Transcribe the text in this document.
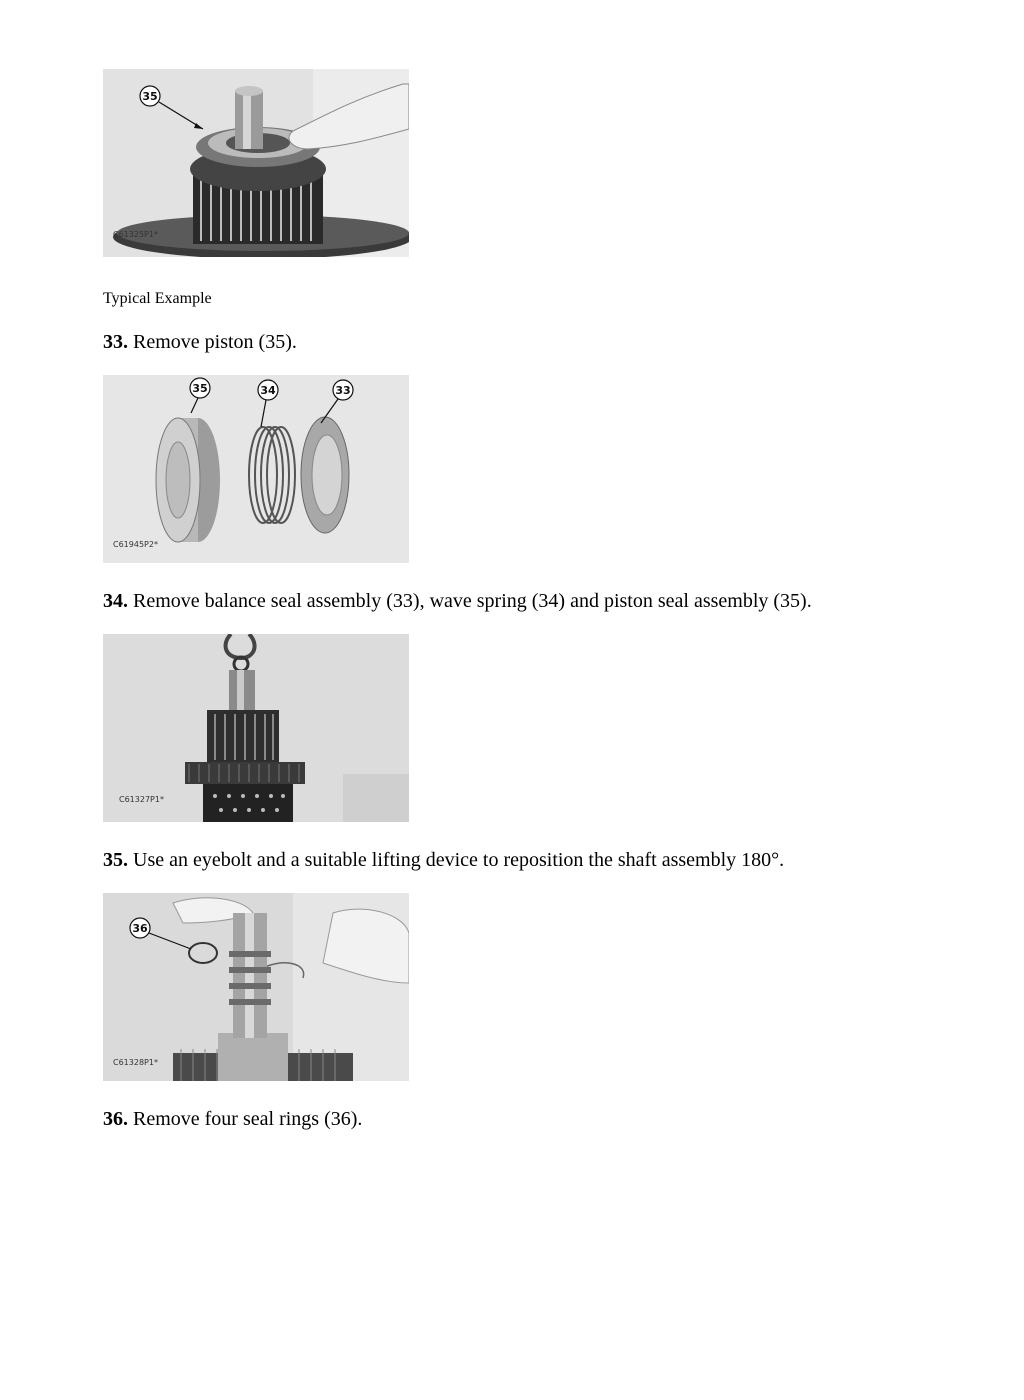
35
C61325P1*
Typical Example
33. Remove piston (35).
35	34	33
C61945P2*
34. Remove balance seal assembly (33), wave spring (34) and piston seal assembly (35).
C61327P1*
35. Use an eyebolt and a suitable lifting device to reposition the shaft assembly 180°.
36
C61328P1*
36. Remove four seal rings (36).
